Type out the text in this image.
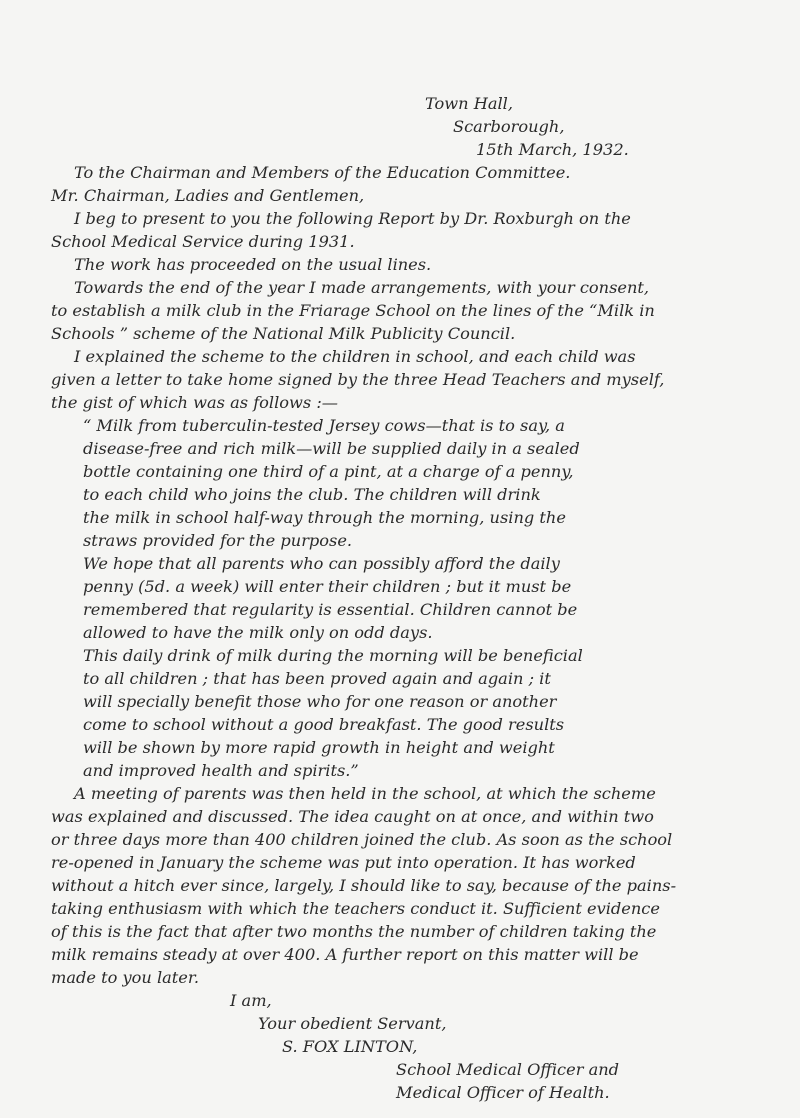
Town Hall,
Scarborough,
15th March, 1932.
To the Chairman and Members of the Education Committee.
Mr. Chairman, Ladies and Gentlemen,
I beg to present to you the following Report by Dr. Roxburgh on the
School Medical Service during 1931.
The work has proceeded on the usual lines.
Towards the end of the year I made arrangements, with your consent,
to establish a milk club in the Friarage School on the lines of the “Milk in
Schools ” scheme of the National Milk Publicity Council.
I explained the scheme to the children in school, and each child was
given a letter to take home signed by the three Head Teachers and myself,
the gist of which was as follows :—
“ Milk from tuberculin-tested Jersey cows—that is to say, a
disease-free and rich milk—will be supplied daily in a sealed
bottle containing one third of a pint, at a charge of a penny,
to each child who joins the club. The children will drink
the milk in school half-way through the morning, using the
straws provided for the purpose.
We hope that all parents who can possibly afford the daily
penny (5d. a week) will enter their children ; but it must be
remembered that regularity is essential. Children cannot be
allowed to have the milk only on odd days.
This daily drink of milk during the morning will be beneficial
to all children ; that has been proved again and again ; it
will specially benefit those who for one reason or another
come to school without a good breakfast. The good results
will be shown by more rapid growth in height and weight
and improved health and spirits.”
A meeting of parents was then held in the school, at which the scheme
was explained and discussed. The idea caught on at once, and within two
or three days more than 400 children joined the club. As soon as the school
re-opened in January the scheme was put into operation. It has worked
without a hitch ever since, largely, I should like to say, because of the pains-
taking enthusiasm with which the teachers conduct it. Sufficient evidence
of this is the fact that after two months the number of children taking the
milk remains steady at over 400. A further report on this matter will be
made to you later.
I am,
Your obedient Servant,
S. FOX LINTON,
School Medical Officer and
Medical Officer of Health.
